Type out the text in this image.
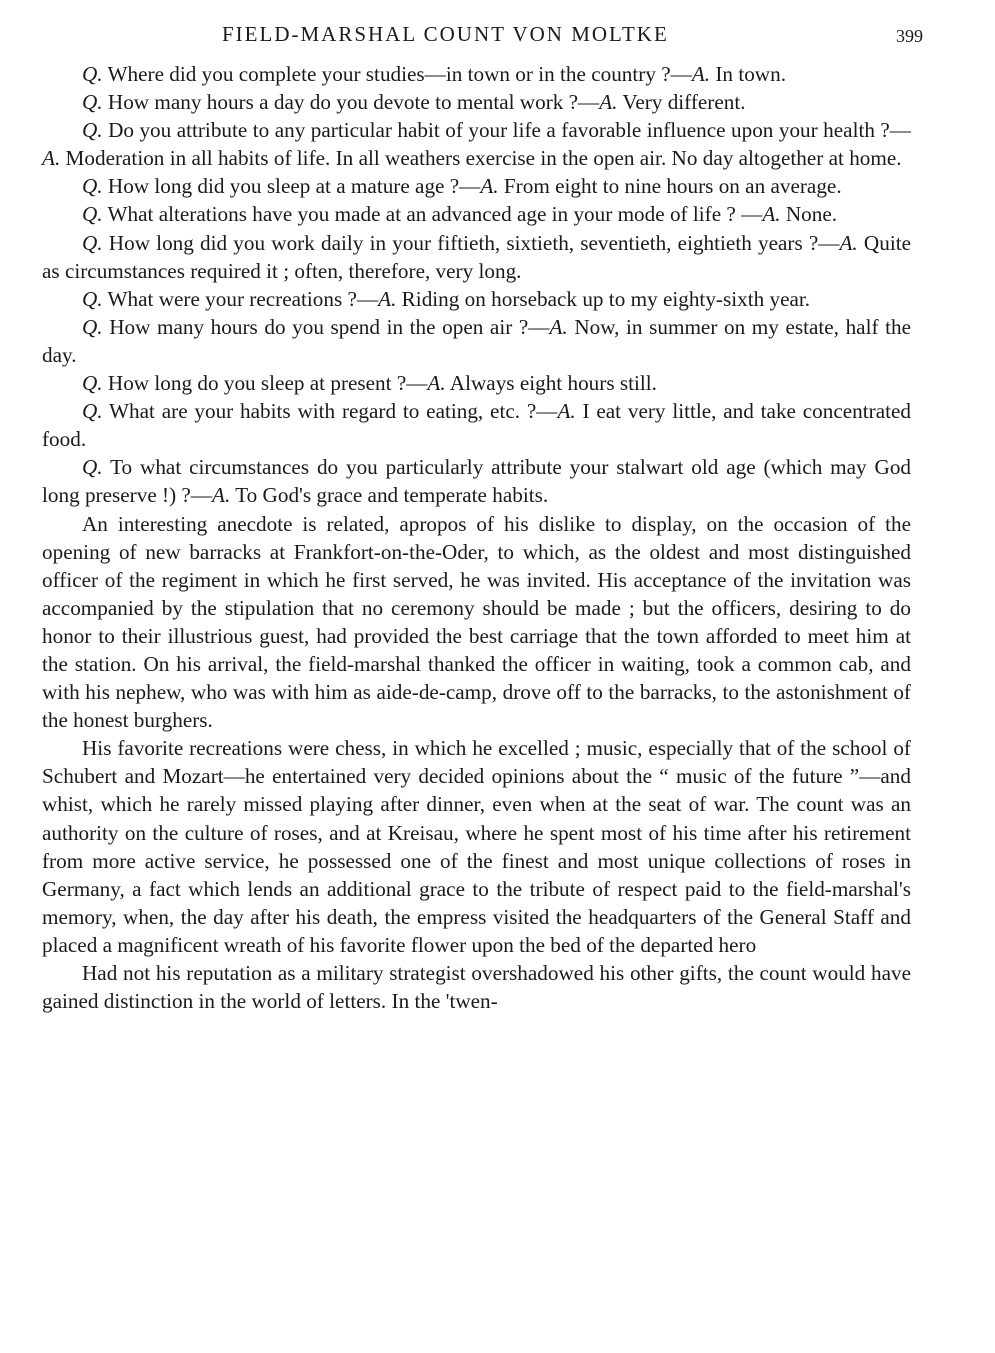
FIELD-MARSHAL COUNT VON MOLTKE	399

Q. Where did you complete your studies—in town or in the country ?—A. In town.

Q. How many hours a day do you devote to mental work ?—A. Very different.

Q. Do you attribute to any particular habit of your life a favorable influence upon your health ?—A. Moderation in all habits of life. In all weathers exercise in the open air. No day altogether at home.

Q. How long did you sleep at a mature age ?—A. From eight to nine hours on an average.

Q. What alterations have you made at an advanced age in your mode of life ? —A. None.

Q. How long did you work daily in your fiftieth, sixtieth, seventieth, eightieth years ?—A. Quite as circumstances required it ; often, therefore, very long.

Q. What were your recreations ?—A. Riding on horseback up to my eighty-sixth year.

Q. How many hours do you spend in the open air ?—A. Now, in summer on my estate, half the day.

Q. How long do you sleep at present ?—A. Always eight hours still.

Q. What are your habits with regard to eating, etc. ?—A. I eat very little, and take concentrated food.

Q. To what circumstances do you particularly attribute your stalwart old age (which may God long preserve !) ?—A. To God's grace and temperate habits.

An interesting anecdote is related, apropos of his dislike to display, on the occasion of the opening of new barracks at Frankfort-on-the-Oder, to which, as the oldest and most distinguished officer of the regiment in which he first served, he was invited. His acceptance of the invitation was accompanied by the stipulation that no ceremony should be made ; but the officers, desiring to do honor to their illustrious guest, had provided the best carriage that the town afforded to meet him at the station. On his arrival, the field-marshal thanked the officer in waiting, took a common cab, and with his nephew, who was with him as aide-de-camp, drove off to the barracks, to the astonishment of the honest burghers.

His favorite recreations were chess, in which he excelled ; music, especially that of the school of Schubert and Mozart—he entertained very decided opinions about the “ music of the future ”—and whist, which he rarely missed playing after dinner, even when at the seat of war. The count was an authority on the culture of roses, and at Kreisau, where he spent most of his time after his retirement from more active service, he possessed one of the finest and most unique collections of roses in Germany, a fact which lends an additional grace to the tribute of respect paid to the field-marshal's memory, when, the day after his death, the empress visited the headquarters of the General Staff and placed a magnificent wreath of his favorite flower upon the bed of the departed hero

Had not his reputation as a military strategist overshadowed his other gifts, the count would have gained distinction in the world of letters. In the 'twen-
